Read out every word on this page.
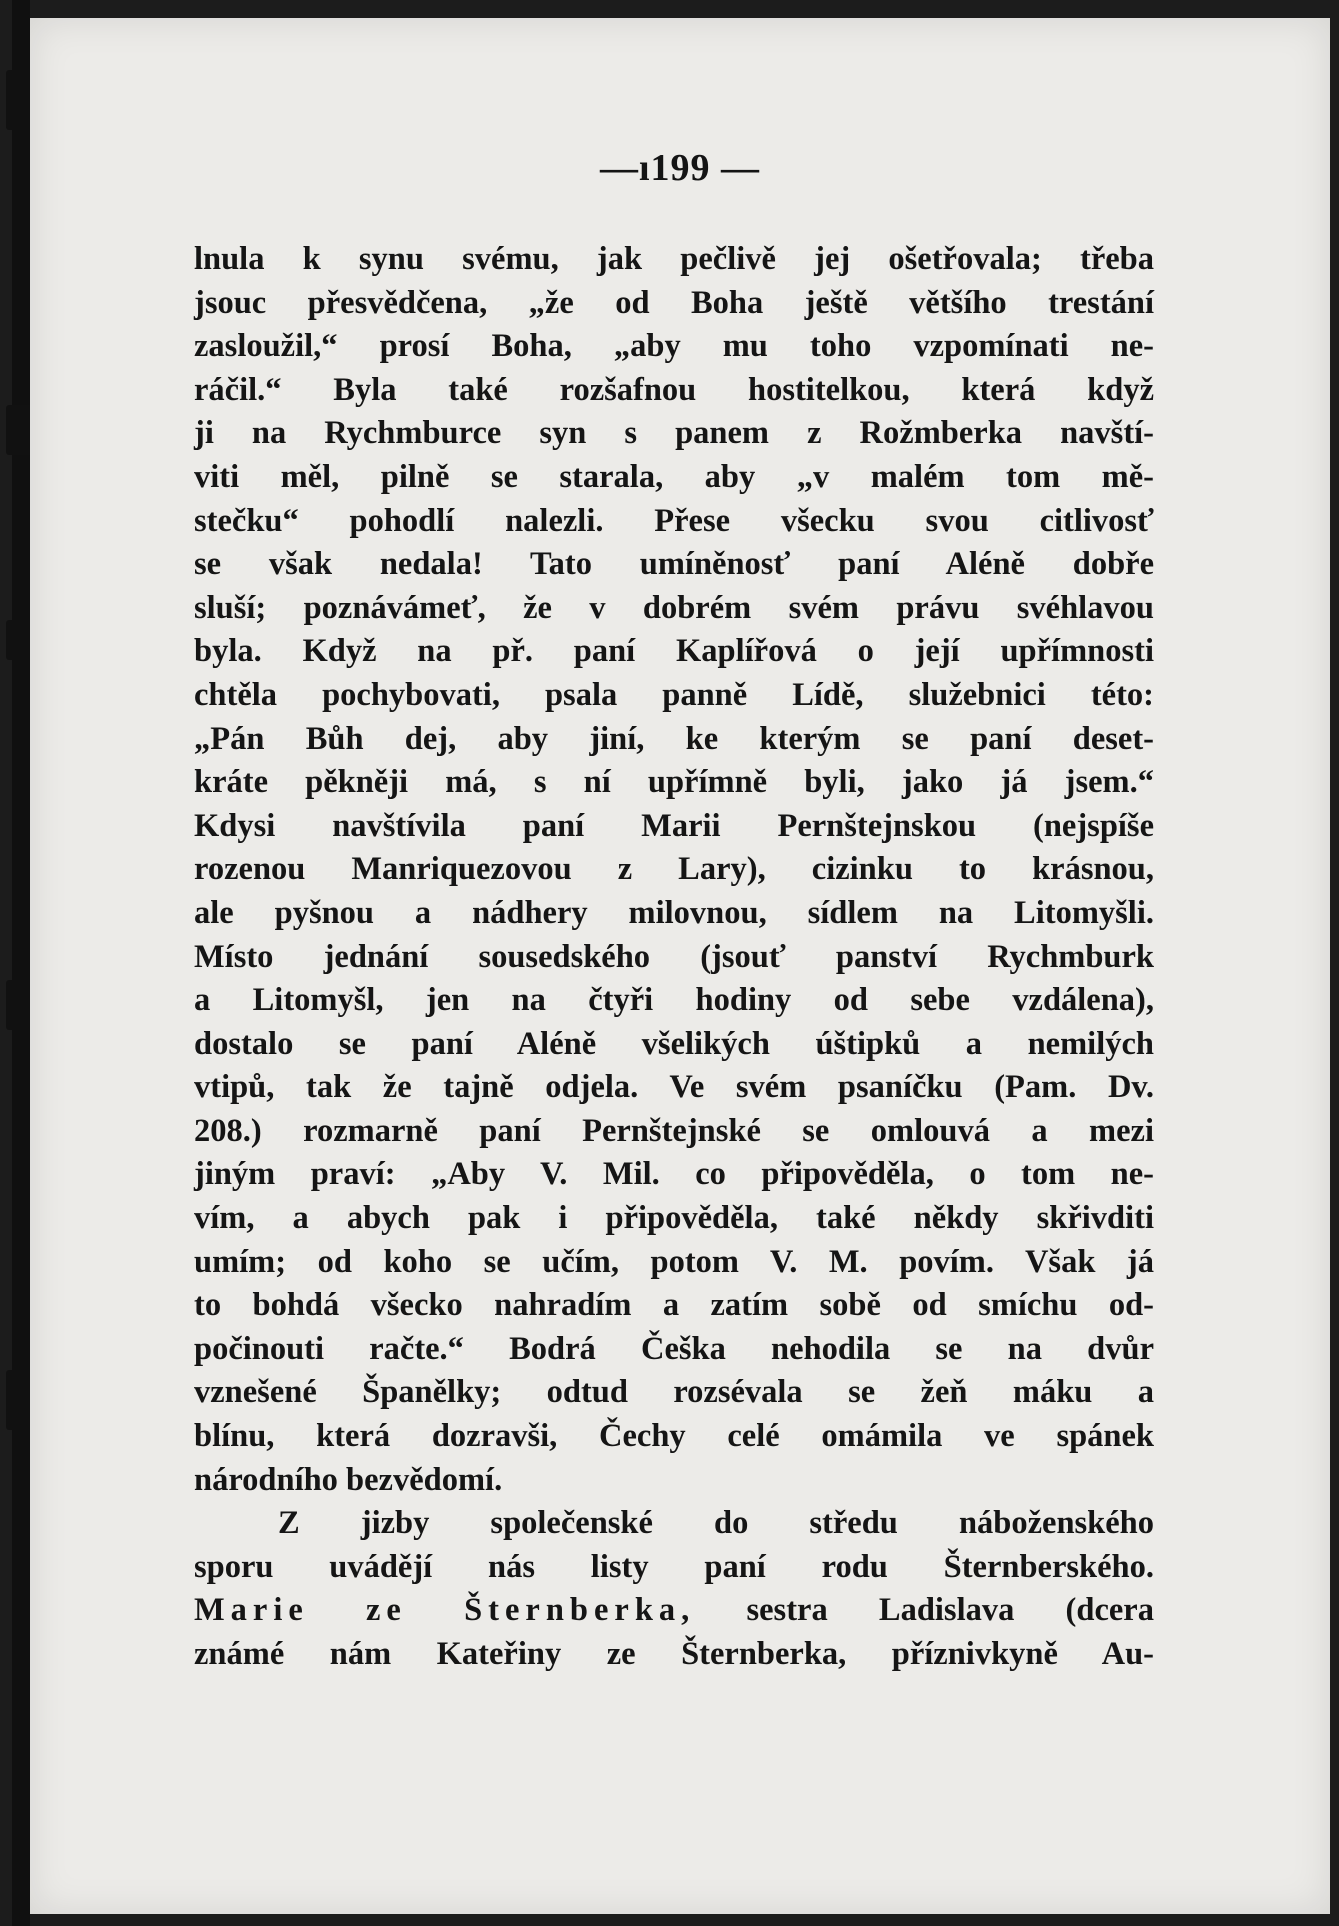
—ı199 —
lnula k synu svému, jak pečlivě jej ošetřovala; třeba
jsouc přesvědčena, „že od Boha ještě většího trestání
zasloužil,“ prosí Boha, „aby mu toho vzpomínati ne-
ráčil.“ Byla také rozšafnou hostitelkou, která když
ji na Rychmburce syn s panem z Rožmberka navští-
viti měl, pilně se starala, aby „v malém tom mě-
stečku“ pohodlí nalezli. Přese všecku svou citlivosť
se však nedala! Tato umíněnosť paní Aléně dobře
sluší; poznávámeť, že v dobrém svém právu svéhlavou
byla. Když na př. paní Kaplířová o její upřímnosti
chtěla pochybovati, psala panně Lídě, služebnici této:
„Pán Bůh dej, aby jiní, ke kterým se paní deset-
kráte pěkněji má, s ní upřímně byli, jako já jsem.“
Kdysi navštívila paní Marii Pernštejnskou (nejspíše
rozenou Manriquezovou z Lary), cizinku to krásnou,
ale pyšnou a nádhery milovnou, sídlem na Litomyšli.
Místo jednání sousedského (jsouť panství Rychmburk
a Litomyšl, jen na čtyři hodiny od sebe vzdálena),
dostalo se paní Aléně všelikých úštipků a nemilých
vtipů, tak že tajně odjela. Ve svém psaníčku (Pam. Dv.
208.) rozmarně paní Pernštejnské se omlouvá a mezi
jiným praví: „Aby V. Mil. co připověděla, o tom ne-
vím, a abych pak i připověděla, také někdy skřivditi
umím; od koho se učím, potom V. M. povím. Však já
to bohdá všecko nahradím a zatím sobě od smíchu od-
počinouti račte.“ Bodrá Češka nehodila se na dvůr
vznešené Španělky; odtud rozsévala se žeň máku a
blínu, která dozravši, Čechy celé omámila ve spánek
národního bezvědomí.
Z jizby společenské do středu náboženského
sporu uvádějí nás listy paní rodu Šternberského.
Marie ze Šternberka, sestra Ladislava (dcera
známé nám Kateřiny ze Šternberka, příznivkyně Au-
